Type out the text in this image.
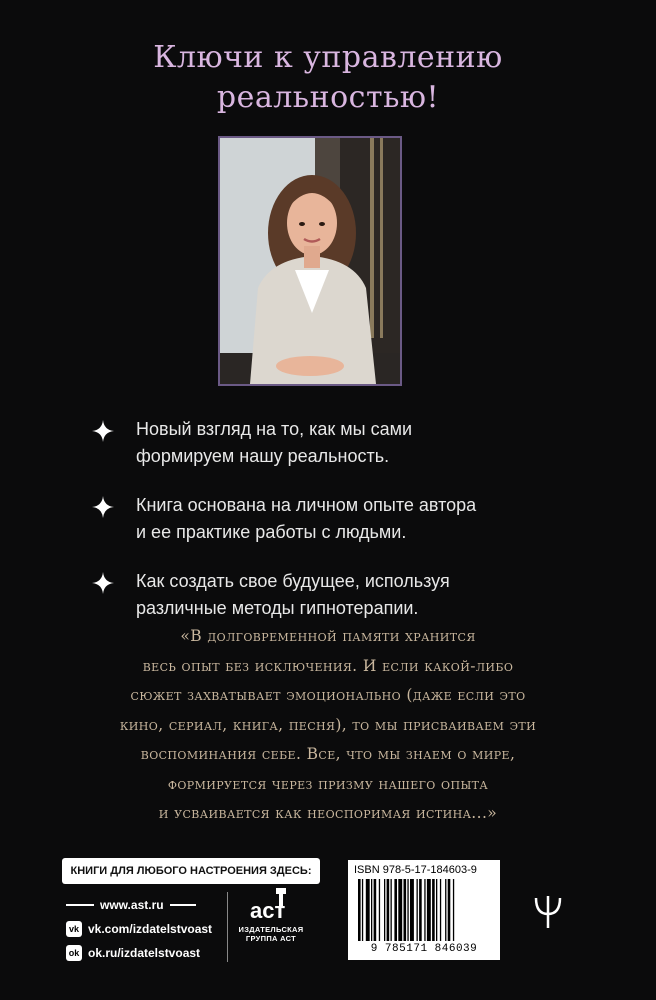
Ключи к управлению
реальностью!
Новый взгляд на то, как мы сами
формируем нашу реальность.
Книга основана на личном опыте автора
и ее практике работы с людьми.
Как создать свое будущее, используя
различные методы гипнотерапии.
«В долговременной памяти хранится
весь опыт без исключения. И если какой-либо
сюжет захватывает эмоционально (даже если это
кино, сериал, книга, песня), то мы присваиваем эти
воспоминания себе. Все, что мы знаем о мире,
формируется через призму нашего опыта
и усваивается как неоспоримая истина...»
КНИГИ ДЛЯ ЛЮБОГО НАСТРОЕНИЯ ЗДЕСЬ:
www.ast.ru
vk vk.com/izdatelstvoast
ok ok.ru/izdatelstvoast
аст
ИЗДАТЕЛЬСКАЯ
ГРУППА АСТ
ISBN 978-5-17-184603-9
9 785171 846039
